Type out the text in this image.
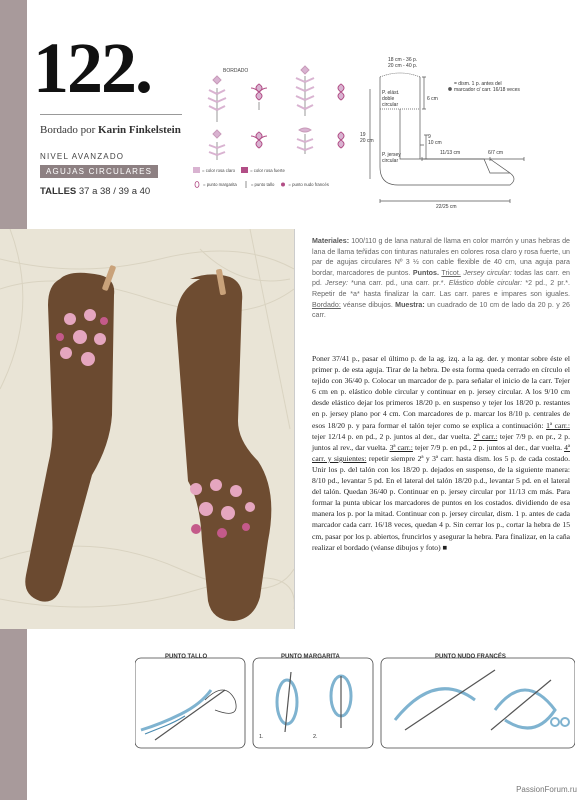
122.
Bordado por Karin Finkelstein
NIVEL AVANZADO
AGUJAS CIRCULARES
TALLES 37 a 38 / 39 a 40
BORDADO
= color rosa claro	= color rosa fuerte
= punto margarita	= punto tallo	= punto nudo francés
18 cm - 36 p.
20 cm - 40 p.
= dism. 1 p. antes del
marcador c/ carr. 16/18 veces
P. elást.
doble
circular
6 cm
P. jersey
circular
9
10 cm
19
20 cm
11/13 cm	6/7 cm
22/25 cm
Materiales: 100/110 g de lana natural de llama en color marrón y unas hebras de lana de llama teñidas con tinturas naturales en colores rosa claro y rosa fuerte, un par de agujas circulares Nº 3 ½ con cable flexible de 40 cm, una aguja para bordar, marcadores de puntos. Puntos. Tricot. Jersey circular: todas las carr. en pd. Jersey: *una carr. pd., una carr. pr.*. Elástico doble circular: *2 pd., 2 pr.*. Repetir de *a* hasta finalizar la carr. Las carr. pares e impares son iguales. Bordado: véanse dibujos. Muestra: un cuadrado de 10 cm de lado da 20 p. y 26 carr.
Poner 37/41 p., pasar el último p. de la ag. izq. a la ag. der. y montar sobre éste el primer p. de esta aguja. Tirar de la hebra. De esta forma queda cerrado en círculo el tejido con 36/40 p. Colocar un marcador de p. para señalar el inicio de la carr. Tejer 6 cm en p. elástico doble circular y continuar en p. jersey circular. A los 9/10 cm desde elástico dejar los primeros 18/20 p. en suspenso y tejer los 18/20 p. restantes en p. jersey plano por 4 cm. Con marcadores de p. marcar los 8/10 p. centrales de esos 18/20 p. y para formar el talón tejer como se explica a continuación: 1ª carr.: tejer 12/14 p. en pd., 2 p. juntos al der., dar vuelta. 2ª carr.: tejer 7/9 p. en pr., 2 p. juntos al rev., dar vuelta. 3ª carr.: tejer 7/9 p. en pd., 2 p. juntos al der., dar vuelta. 4ª carr. y siguientes: repetir siempre 2ª y 3ª carr. hasta dism. los 5 p. de cada costado. Unir los p. del talón con los 18/20 p. dejados en suspenso, de la siguiente manera: 8/10 pd., levantar 5 pd. En el lateral del talón 18/20 p.d., levantar 5 pd. en el lateral del talón. Quedan 36/40 p. Continuar en p. jersey circular por 11/13 cm más. Para formar la punta ubicar los marcadores de puntos en los costados. dividiendo de esa manera los p. por la mitad. Continuar con p. jersey circular, dism. 1 p. antes de cada marcador cada carr. 16/18 veces, quedan 4 p. Sin cerrar los p., cortar la hebra de 15 cm, pasar por los p. abiertos, fruncirlos y asegurar la hebra. Para finalizar, en la caña realizar el bordado (véanse dibujos y foto) ■
PUNTO TALLO	PUNTO MARGARITA	PUNTO NUDO FRANCÉS
1.	2.
PassionForum.ru
